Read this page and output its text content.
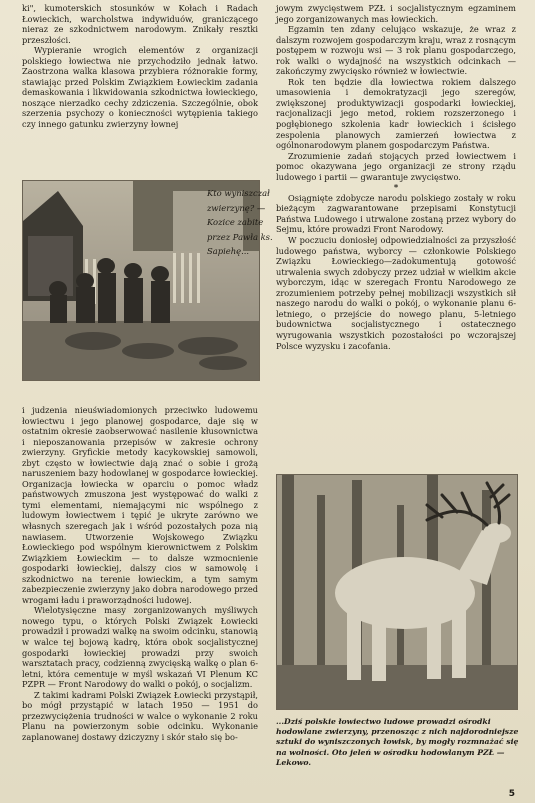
ki", kumoterskich stosunków w Kołach i Radach Łowieckich, warcholstwa indywiduów, graniczącego nieraz ze szkodnictwem narodowym. Znikały resztki przeszłości.

Wypieranie wrogich elementów z organizacji polskiego łowiectwa nie przychodziło jednak łatwo. Zaostrzona walka klasowa przybiera różnorakie formy, stawiając przed Polskim Związkiem Łowieckim zadania demaskowania i likwidowania szkodnictwa łowieckiego, noszące nierzadko cechy zdziczenia. Szczególnie, obok szerzenia psychozy o konieczności wytępienia takiego czy innego gatunku zwierzyny łownej

Kto wyniszczał zwierzynę? — Kozice zabite przez Pawła ks. Sapiehę...

i judzenia nieuświadomionych przeciwko ludowemu łowiectwu i jego planowej gospodarce, daje się w ostatnim okresie zaobserwować nasilenie kłusownictwa i nieposzanowania przepisów w zakresie ochrony zwierzyny. Gryfickie metody kacykowskiej samowoli, zbyt często w łowiectwie dają znać o sobie i grożą naruszeniem bazy hodowlanej w gospodarce łowieckiej. Organizacja łowiecka w oparciu o pomoc władz państwowych zmuszona jest występować do walki z tymi elementami, niemającymi nic wspólnego z ludowym łowiectwem i tępić je ukryte zarówno we własnych szeregach jak i wśród pozostałych poza nią nawiasem. Utworzenie Wojskowego Związku Łowieckiego pod wspólnym kierownictwem z Polskim Związkiem Łowieckim — to dalsze wzmocnienie gospodarki łowieckiej, dalszy cios w samowolę i szkodnictwo na terenie łowieckim, a tym samym zabezpieczenie zwierzyny jako dobra narodowego przed wrogami ładu i praworządności ludowej.

Wielotysięczne masy zorganizowanych myśliwych nowego typu, o których Polski Związek Łowiecki prowadził i prowadzi walkę na swoim odcinku, stanowią w walce tej bojową kadrę, która obok socjalistycznej gospodarki łowieckiej prowadzi przy swoich warsztatach pracy, codzienną zwycięską walkę o plan 6-letni, która cementuje w myśl wskazań VI Plenum KC PZPR — Front Narodowy do walki o pokój, o socjalizm.

Z takimi kadrami Polski Związek Łowiecki przystąpił, bo mógł przystąpić w latach 1950 — 1951 do przezwyciężenia trudności w walce o wykonanie 2 roku Planu na powierzonym sobie odcinku. Wykonanie zaplanowanej dostawy dziczyzny i skór stało się bo-

jowym zwycięstwem PZŁ i socjalistycznym egzaminem jego zorganizowanych mas łowieckich.

Egzamin ten zdany celująco wskazuje, że wraz z dalszym rozwojem gospodarczym kraju, wraz z rosnącym postępem w rozwoju wsi — 3 rok planu gospodarczego, rok walki o wydajność na wszystkich odcinkach — zakończymy zwycięsko również w łowiectwie.

Rok ten będzie dla łowiectwa rokiem dalszego umasowienia i demokratyzacji jego szeregów, zwiększonej produktywizacji gospodarki łowieckiej, racjonalizacji jego metod, rokiem rozszerzonego i pogłębionego szkolenia kadr łowieckich i ścisłego zespolenia planowych zamierzeń łowiectwa z ogólnonarodowym planem gospodarczym Państwa.

Zrozumienie zadań stojących przed łowiectwem i pomoc okazywana jego organizacji ze strony rządu ludowego i partii — gwarantuje zwycięstwo.

*

Osiągnięte zdobycze narodu polskiego zostały w roku bieżącym zagwarantowane przepisami Konstytucji Państwa Ludowego i utrwalone zostaną przez wybory do Sejmu, które prowadzi Front Narodowy.

W poczuciu doniosłej odpowiedzialności za przyszłość ludowego państwa, wyborcy — członkowie Polskiego Związku Łowieckiego—zadokumentują gotowość utrwalenia swych zdobyczy przez udział w wielkim akcie wyborczym, idąc w szeregach Frontu Narodowego ze zrozumieniem potrzeby pełnej mobilizacji wszystkich sił naszego narodu do walki o pokój, o wykonanie planu 6-letniego, o przejście do nowego planu, 5-letniego budownictwa socjalistycznego i ostatecznego wyrugowania wszystkich pozostałości po wczorajszej Polsce wyzysku i zacofania.

...Dziś polskie łowiectwo ludowe prowadzi ośrodki hodowlane zwierzyny, przenosząc z nich najdorodniejsze sztuki do wyniszczonych łowisk, by mogły rozmnażać się na wolności. Oto jeleń w ośrodku hodowlanym PZŁ — Lekowo.
5
